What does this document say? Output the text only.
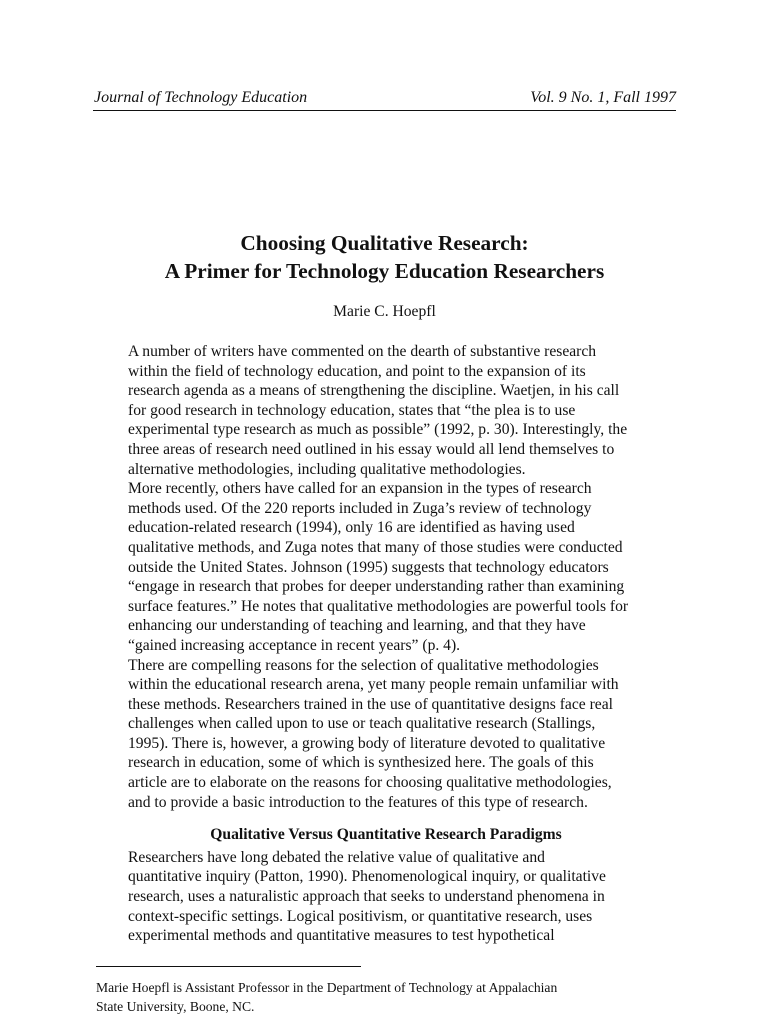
Journal of Technology Education	Vol. 9 No. 1, Fall 1997
Choosing Qualitative Research:
A Primer for Technology Education Researchers
Marie C. Hoepfl

A number of writers have commented on the dearth of substantive research
within the field of technology education, and point to the expansion of its
research agenda as a means of strengthening the discipline. Waetjen, in his call
for good research in technology education, states that “the plea is to use
experimental type research as much as possible” (1992, p. 30). Interestingly, the
three areas of research need outlined in his essay would all lend themselves to
alternative methodologies, including qualitative methodologies.

More recently, others have called for an expansion in the types of research
methods used. Of the 220 reports included in Zuga’s review of technology
education-related research (1994), only 16 are identified as having used
qualitative methods, and Zuga notes that many of those studies were conducted
outside the United States. Johnson (1995) suggests that technology educators
“engage in research that probes for deeper understanding rather than examining
surface features.” He notes that qualitative methodologies are powerful tools for
enhancing our understanding of teaching and learning, and that they have
“gained increasing acceptance in recent years” (p. 4).

There are compelling reasons for the selection of qualitative methodologies
within the educational research arena, yet many people remain unfamiliar with
these methods. Researchers trained in the use of quantitative designs face real
challenges when called upon to use or teach qualitative research (Stallings,
1995). There is, however, a growing body of literature devoted to qualitative
research in education, some of which is synthesized here. The goals of this
article are to elaborate on the reasons for choosing qualitative methodologies,
and to provide a basic introduction to the features of this type of research.

Qualitative Versus Quantitative Research Paradigms

Researchers have long debated the relative value of qualitative and
quantitative inquiry (Patton, 1990). Phenomenological inquiry, or qualitative
research, uses a naturalistic approach that seeks to understand phenomena in
context-specific settings. Logical positivism, or quantitative research, uses
experimental methods and quantitative measures to test hypothetical

Marie Hoepfl is Assistant Professor in the Department of Technology at Appalachian
State University, Boone, NC.
